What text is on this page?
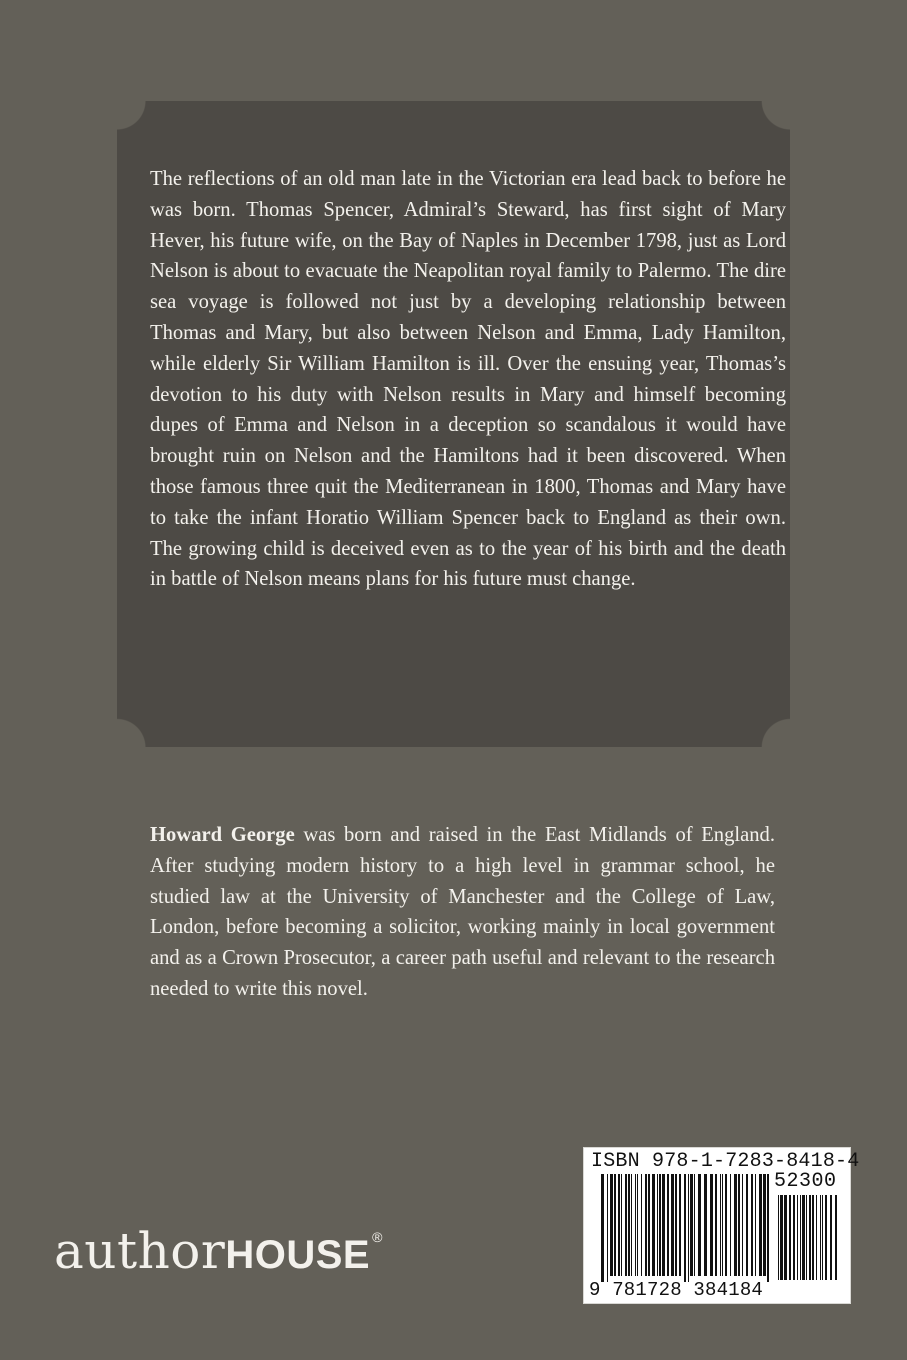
The reflections of an old man late in the Victorian era lead back to before he was born. Thomas Spencer, Admiral’s Steward, has first sight of Mary Hever, his future wife, on the Bay of Naples in December 1798, just as Lord Nelson is about to evacuate the Neapolitan royal family to Palermo. The dire sea voyage is followed not just by a developing relationship between Thomas and Mary, but also between Nelson and Emma, Lady Hamilton, while elderly Sir William Hamilton is ill. Over the ensuing year, Thomas’s devotion to his duty with Nelson results in Mary and himself becoming dupes of Emma and Nelson in a deception so scandalous it would have brought ruin on Nelson and the Hamiltons had it been discovered. When those famous three quit the Mediterranean in 1800, Thomas and Mary have to take the infant Horatio William Spencer back to England as their own. The growing child is deceived even as to the year of his birth and the death in battle of Nelson means plans for his future must change.

Howard George was born and raised in the East Midlands of England. After studying modern history to a high level in grammar school, he studied law at the University of Manchester and the College of Law, London, before becoming a solicitor, working mainly in local government and as a Crown Prosecutor, a career path useful and relevant to the research needed to write this novel.

authorHOUSE ®
ISBN 978-1-7283-8418-4
52300
9 781728 384184
